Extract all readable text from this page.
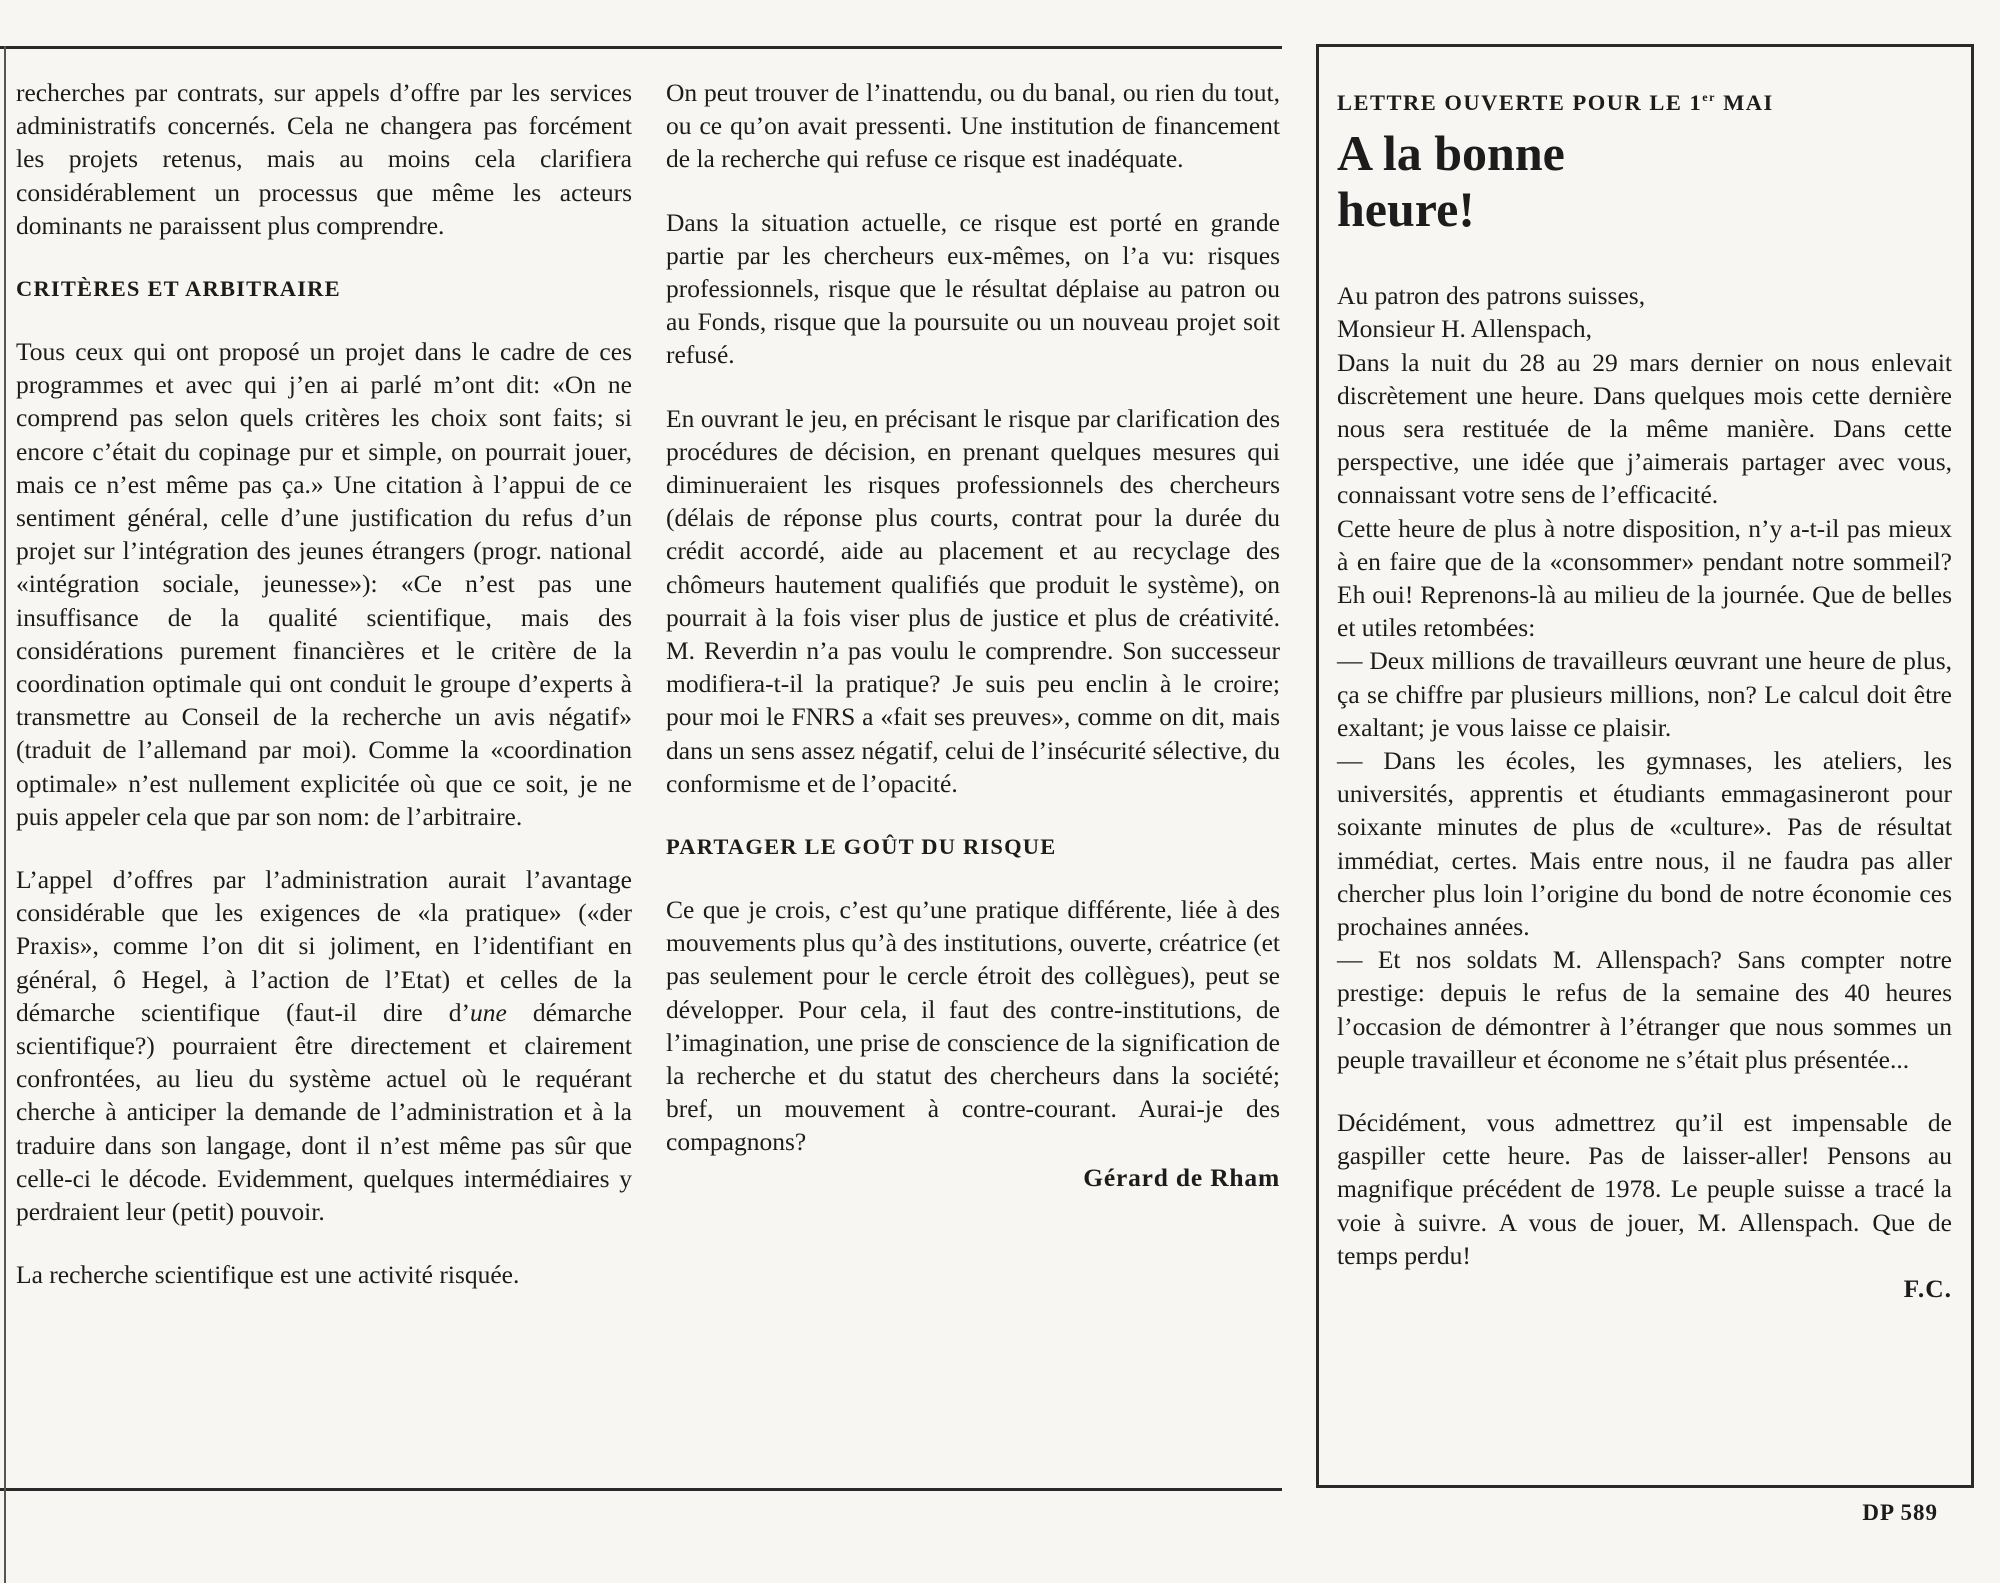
recherches par contrats, sur appels d’offre par les services administratifs concernés. Cela ne changera pas forcément les projets retenus, mais au moins cela clarifiera considérablement un processus que même les acteurs dominants ne paraissent plus comprendre.

CRITÈRES ET ARBITRAIRE

Tous ceux qui ont proposé un projet dans le cadre de ces programmes et avec qui j’en ai parlé m’ont dit: «On ne comprend pas selon quels critères les choix sont faits; si encore c’était du copinage pur et simple, on pourrait jouer, mais ce n’est même pas ça.» Une citation à l’appui de ce sentiment général, celle d’une justification du refus d’un projet sur l’intégration des jeunes étrangers (progr. national «intégration sociale, jeunesse»): «Ce n’est pas une insuffisance de la qualité scientifique, mais des considérations purement financières et le critère de la coordination optimale qui ont conduit le groupe d’experts à transmettre au Conseil de la recherche un avis négatif» (traduit de l’allemand par moi). Comme la «coordination optimale» n’est nullement explicitée où que ce soit, je ne puis appeler cela que par son nom: de l’arbitraire.

L’appel d’offres par l’administration aurait l’avantage considérable que les exigences de «la pratique» («der Praxis», comme l’on dit si joliment, en l’identifiant en général, ô Hegel, à l’action de l’Etat) et celles de la démarche scientifique (faut-il dire d’une démarche scientifique?) pourraient être directement et clairement confrontées, au lieu du système actuel où le requérant cherche à anticiper la demande de l’administration et à la traduire dans son langage, dont il n’est même pas sûr que celle-ci le décode. Evidemment, quelques intermédiaires y perdraient leur (petit) pouvoir.

La recherche scientifique est une activité risquée.

On peut trouver de l’inattendu, ou du banal, ou rien du tout, ou ce qu’on avait pressenti. Une institution de financement de la recherche qui refuse ce risque est inadéquate.

Dans la situation actuelle, ce risque est porté en grande partie par les chercheurs eux-mêmes, on l’a vu: risques professionnels, risque que le résultat déplaise au patron ou au Fonds, risque que la poursuite ou un nouveau projet soit refusé.

En ouvrant le jeu, en précisant le risque par clarification des procédures de décision, en prenant quelques mesures qui diminueraient les risques professionnels des chercheurs (délais de réponse plus courts, contrat pour la durée du crédit accordé, aide au placement et au recyclage des chômeurs hautement qualifiés que produit le système), on pourrait à la fois viser plus de justice et plus de créativité. M. Reverdin n’a pas voulu le comprendre. Son successeur modifiera-t-il la pratique? Je suis peu enclin à le croire; pour moi le FNRS a «fait ses preuves», comme on dit, mais dans un sens assez négatif, celui de l’insécurité sélective, du conformisme et de l’opacité.

PARTAGER LE GOÛT DU RISQUE

Ce que je crois, c’est qu’une pratique différente, liée à des mouvements plus qu’à des institutions, ouverte, créatrice (et pas seulement pour le cercle étroit des collègues), peut se développer. Pour cela, il faut des contre-institutions, de l’imagination, une prise de conscience de la signification de la recherche et du statut des chercheurs dans la société; bref, un mouvement à contre-courant. Aurai-je des compagnons?

Gérard de Rham

LETTRE OUVERTE POUR LE 1er MAI

A la bonne
heure!

Au patron des patrons suisses,

Monsieur H. Allenspach,

Dans la nuit du 28 au 29 mars dernier on nous enlevait discrètement une heure. Dans quelques mois cette dernière nous sera restituée de la même manière. Dans cette perspective, une idée que j’aimerais partager avec vous, connaissant votre sens de l’efficacité.

Cette heure de plus à notre disposition, n’y a-t-il pas mieux à en faire que de la «consommer» pendant notre sommeil? Eh oui! Reprenons-là au milieu de la journée. Que de belles et utiles retombées:

— Deux millions de travailleurs œuvrant une heure de plus, ça se chiffre par plusieurs millions, non? Le calcul doit être exaltant; je vous laisse ce plaisir.

— Dans les écoles, les gymnases, les ateliers, les universités, apprentis et étudiants emmagasineront pour soixante minutes de plus de «culture». Pas de résultat immédiat, certes. Mais entre nous, il ne faudra pas aller chercher plus loin l’origine du bond de notre économie ces prochaines années.

— Et nos soldats M. Allenspach? Sans compter notre prestige: depuis le refus de la semaine des 40 heures l’occasion de démontrer à l’étranger que nous sommes un peuple travailleur et économe ne s’était plus présentée...

Décidément, vous admettrez qu’il est impensable de gaspiller cette heure. Pas de laisser-aller! Pensons au magnifique précédent de 1978. Le peuple suisse a tracé la voie à suivre. A vous de jouer, M. Allenspach. Que de temps perdu!

F.C.

DP 589
